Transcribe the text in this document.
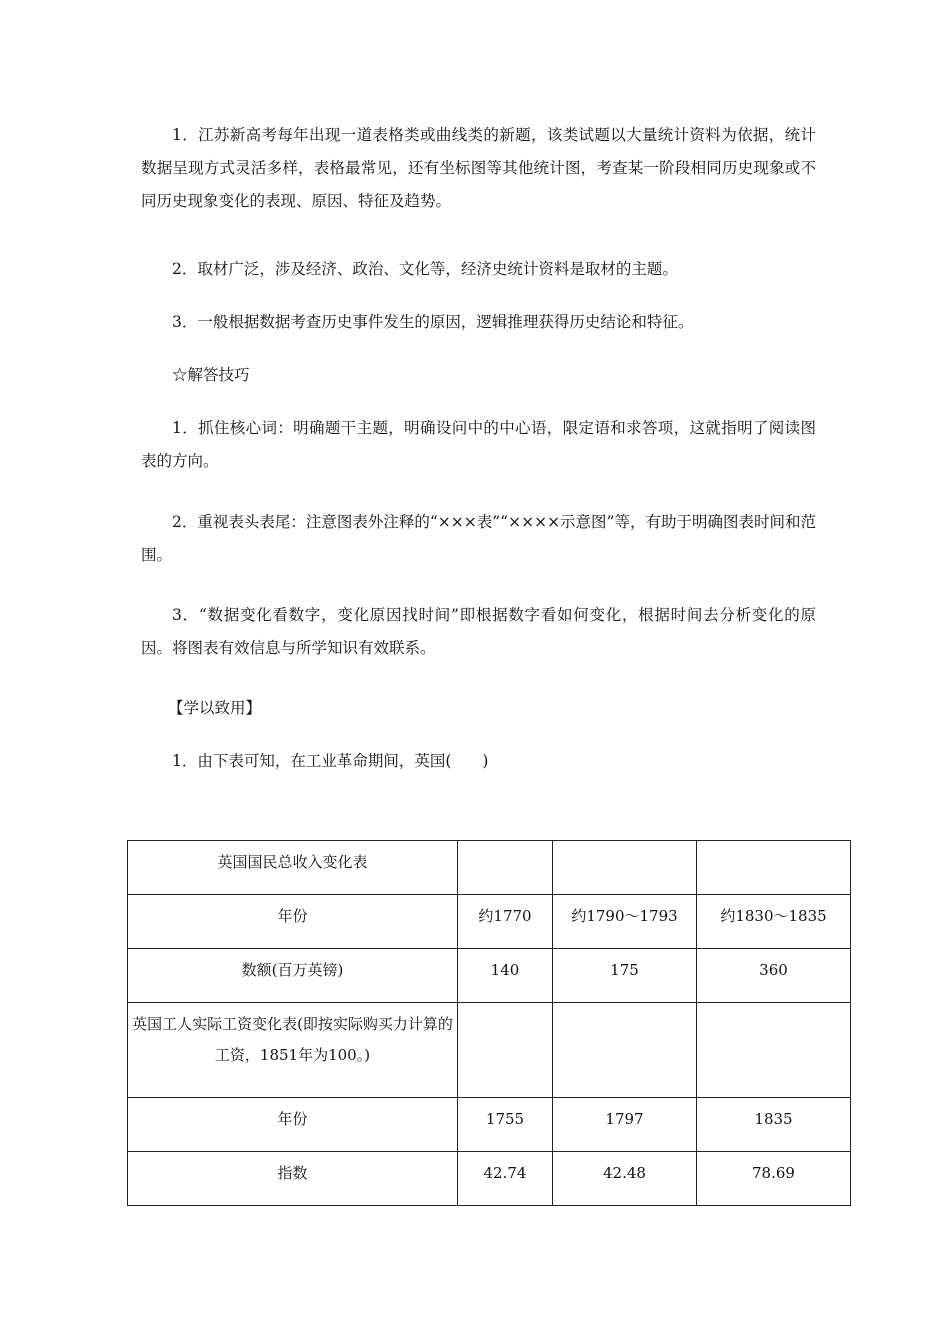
1．江苏新高考每年出现一道表格类或曲线类的新题，该类试题以大量统计资料为依据，统计数据呈现方式灵活多样，表格最常见，还有坐标图等其他统计图，考查某一阶段相同历史现象或不同历史现象变化的表现、原因、特征及趋势。

2．取材广泛，涉及经济、政治、文化等，经济史统计资料是取材的主题。

3．一般根据数据考查历史事件发生的原因，逻辑推理获得历史结论和特征。

☆解答技巧

1．抓住核心词：明确题干主题，明确设问中的中心语，限定语和求答项，这就指明了阅读图表的方向。

2．重视表头表尾：注意图表外注释的“×××表”“××××示意图”等，有助于明确图表时间和范围。

3．“数据变化看数字，变化原因找时间”即根据数字看如何变化，根据时间去分析变化的原因。将图表有效信息与所学知识有效联系。

【学以致用】

1．由下表可知，在工业革命期间，英国(　　)

英国国民总收入变化表			
年份	约1770	约1790～1793	约1830～1835
数额(百万英镑)	140	175	360
英国工人实际工资变化表(即按实际购买力计算的工资，1851年为100。)			
年份	1755	1797	1835
指数	42.74	42.48	78.69
